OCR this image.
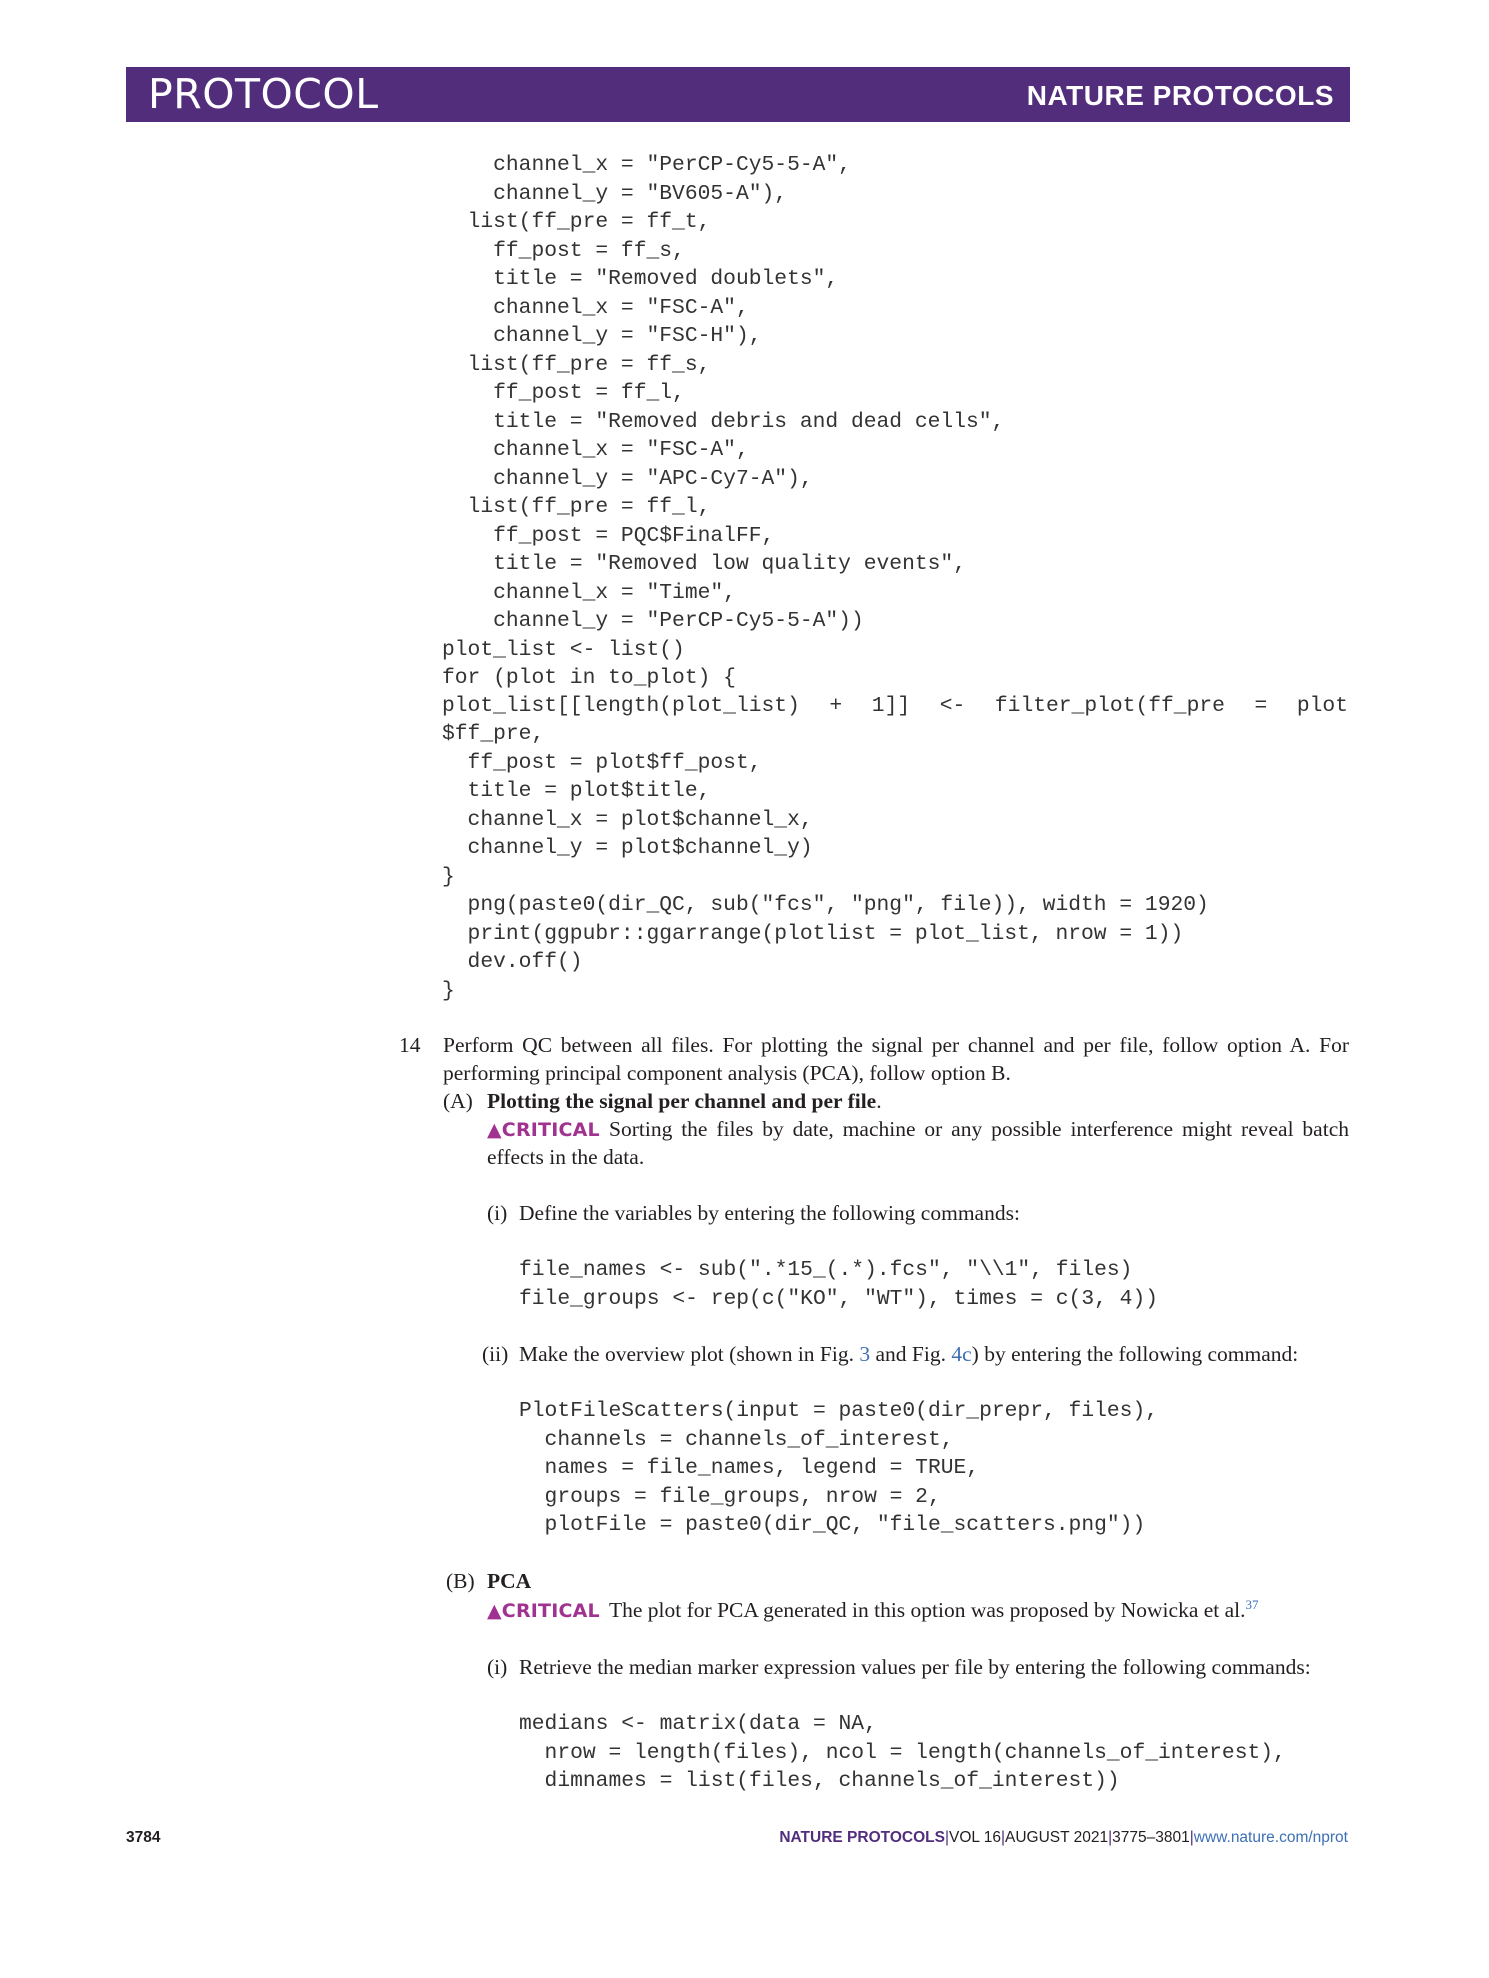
PROTOCOL	NATURE PROTOCOLS
channel_x = "PerCP-Cy5-5-A",
channel_y = "BV605-A"),
list(ff_pre = ff_t,
ff_post = ff_s,
title = "Removed doublets",
channel_x = "FSC-A",
channel_y = "FSC-H"),
list(ff_pre = ff_s,
ff_post = ff_l,
title = "Removed debris and dead cells",
channel_x = "FSC-A",
channel_y = "APC-Cy7-A"),
list(ff_pre = ff_l,
ff_post = PQC$FinalFF,
title = "Removed low quality events",
channel_x = "Time",
channel_y = "PerCP-Cy5-5-A"))
plot_list <- list()
for (plot in to_plot) {
plot_list[[length(plot_list) + 1]] <- filter_plot(ff_pre = plot
$ff_pre,
ff_post = plot$ff_post,
title = plot$title,
channel_x = plot$channel_x,
channel_y = plot$channel_y)
}
png(paste0(dir_QC, sub("fcs", "png", file)), width = 1920)
print(ggpubr::ggarrange(plotlist = plot_list, nrow = 1))
dev.off()
}
14 Perform QC between all files. For plotting the signal per channel and per file, follow option A. For
performing principal component analysis (PCA), follow option B.
(A) Plotting the signal per channel and per file.
▲CRITICAL Sorting the files by date, machine or any possible interference might reveal batch
effects in the data.
(i) Define the variables by entering the following commands:
file_names <- sub(".*15_(.*).fcs", "\\1", files)
file_groups <- rep(c("KO", "WT"), times = c(3, 4))
(ii) Make the overview plot (shown in Fig. 3 and Fig. 4c) by entering the following command:
PlotFileScatters(input = paste0(dir_prepr, files),
channels = channels_of_interest,
names = file_names, legend = TRUE,
groups = file_groups, nrow = 2,
plotFile = paste0(dir_QC, "file_scatters.png"))
(B) PCA
▲CRITICAL The plot for PCA generated in this option was proposed by Nowicka et al.$^{37}$
(i) Retrieve the median marker expression values per file by entering the following commands:
medians <- matrix(data = NA,
nrow = length(files), ncol = length(channels_of_interest),
dimnames = list(files, channels_of_interest))
3784	NATURE PROTOCOLS|VOL 16|AUGUST 2021|3775–3801|www.nature.com/nprot
